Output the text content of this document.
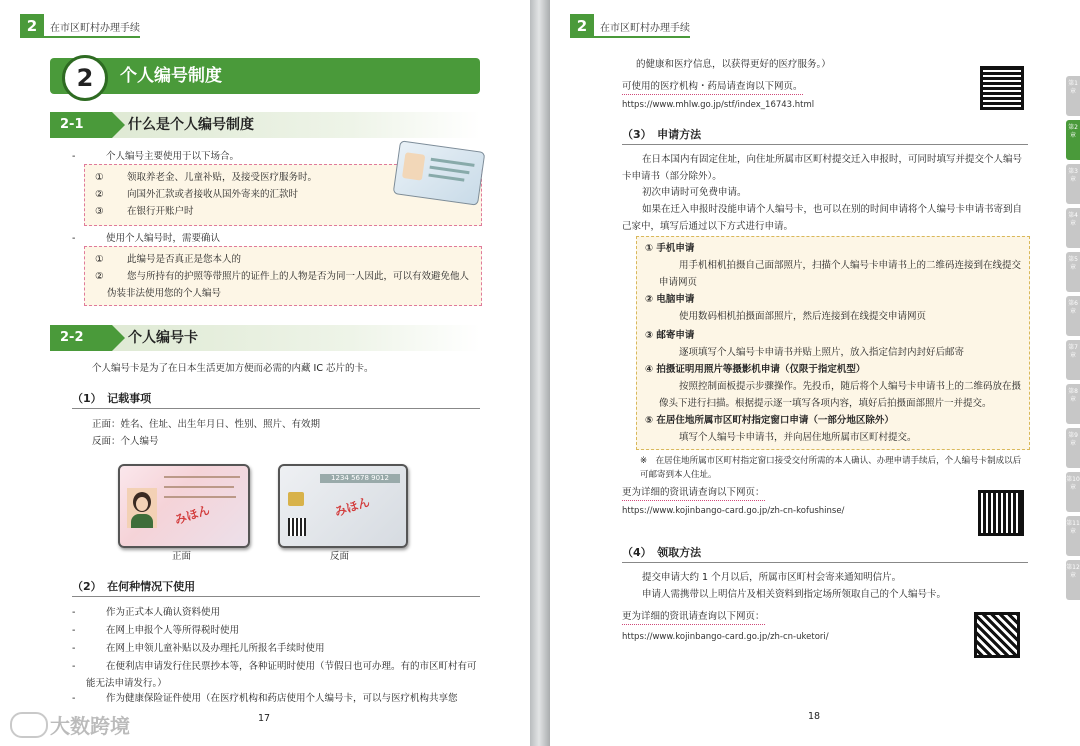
2	在市区町村办理手续
2	个人编号制度
2-1	什么是个人编号制度
-	个人编号主要使用于以下场合。
① 领取养老金、儿童补贴，及接受医疗服务时。
② 向国外汇款或者接收从国外寄来的汇款时
③ 在银行开账户时
-	使用个人编号时，需要确认
① 此编号是否真正是您本人的
②	您与所持有的护照等带照片的证件上的人物是否为同一人因此，可以有效避免他人伪装非法使用您的个人编号
2-2	个人编号卡
个人编号卡是为了在日本生活更加方便而必需的内藏 IC 芯片的卡。
（1）　记载事项
正面：姓名、住址、出生年月日、性别、照片、有效期
反面：个人编号
みほん
正面
1234 5678 9012
みほん
反面
（2）　在何种情况下使用
-	作为正式本人确认资料使用
-	在网上申报个人等所得税时使用
-	在网上申领儿童补贴以及办理托儿所报名手续时使用
-	在便利店申请发行住民票抄本等，各种证明时使用（节假日也可办理。有的市区町村有可能无法申请发行。）
-	作为健康保险证件使用（在医疗机构和药店使用个人编号卡，可以与医疗机构共享您
17
大数跨境
2	在市区町村办理手续
的健康和医疗信息，以获得更好的医疗服务。）
可使用的医疗机构・药局请查询以下网页。
https://www.mhlw.go.jp/stf/index_16743.html
（3）　申请方法
在日本国内有固定住址，向住址所属市区町村提交迁入申报时，可同时填写并提交个人编号卡申请书（部分除外）。
初次申请时可免费申请。
如果在迁入申报时没能申请个人编号卡，也可以在别的时间申请将个人编号卡申请书寄到自己家中，填写后通过以下方式进行申请。
① 手机申请
用手机相机拍摄自己面部照片，扫描个人编号卡申请书上的二维码连接到在线提交申请网页
② 电脑申请
使用数码相机拍摄面部照片，然后连接到在线提交申请网页
③ 邮寄申请
逐项填写个人编号卡申请书并贴上照片，放入指定信封内封好后邮寄
④ 拍摄证明用照片等摄影机申请（仅限于指定机型）
按照控制面板提示步骤操作。先投币，随后将个人编号卡申请书上的二维码放在摄像头下进行扫描。根据提示逐一填写各项内容，填好后拍摄面部照片一并提交。
⑤ 在居住地所属市区町村指定窗口申请（一部分地区除外）
填写个人编号卡申请书，并向居住地所属市区町村提交。
※　在居住地所属市区町村指定窗口接受交付所需的本人确认、办理申请手续后，个人编号卡制成以后可邮寄到本人住址。
更为详细的资讯请查询以下网页：
https://www.kojinbango-card.go.jp/zh-cn-kofushinse/
（4）　领取方法
提交申请大约 1 个月以后，所属市区町村会寄来通知明信片。
申请人需携带以上明信片及相关资料到指定场所领取自己的个人编号卡。
更为详细的资讯请查询以下网页：
https://www.kojinbango-card.go.jp/zh-cn-uketori/
18
第1章
第2章
第3章
第4章
第5章
第6章
第7章
第8章
第9章
第10章
第11章
第12章
